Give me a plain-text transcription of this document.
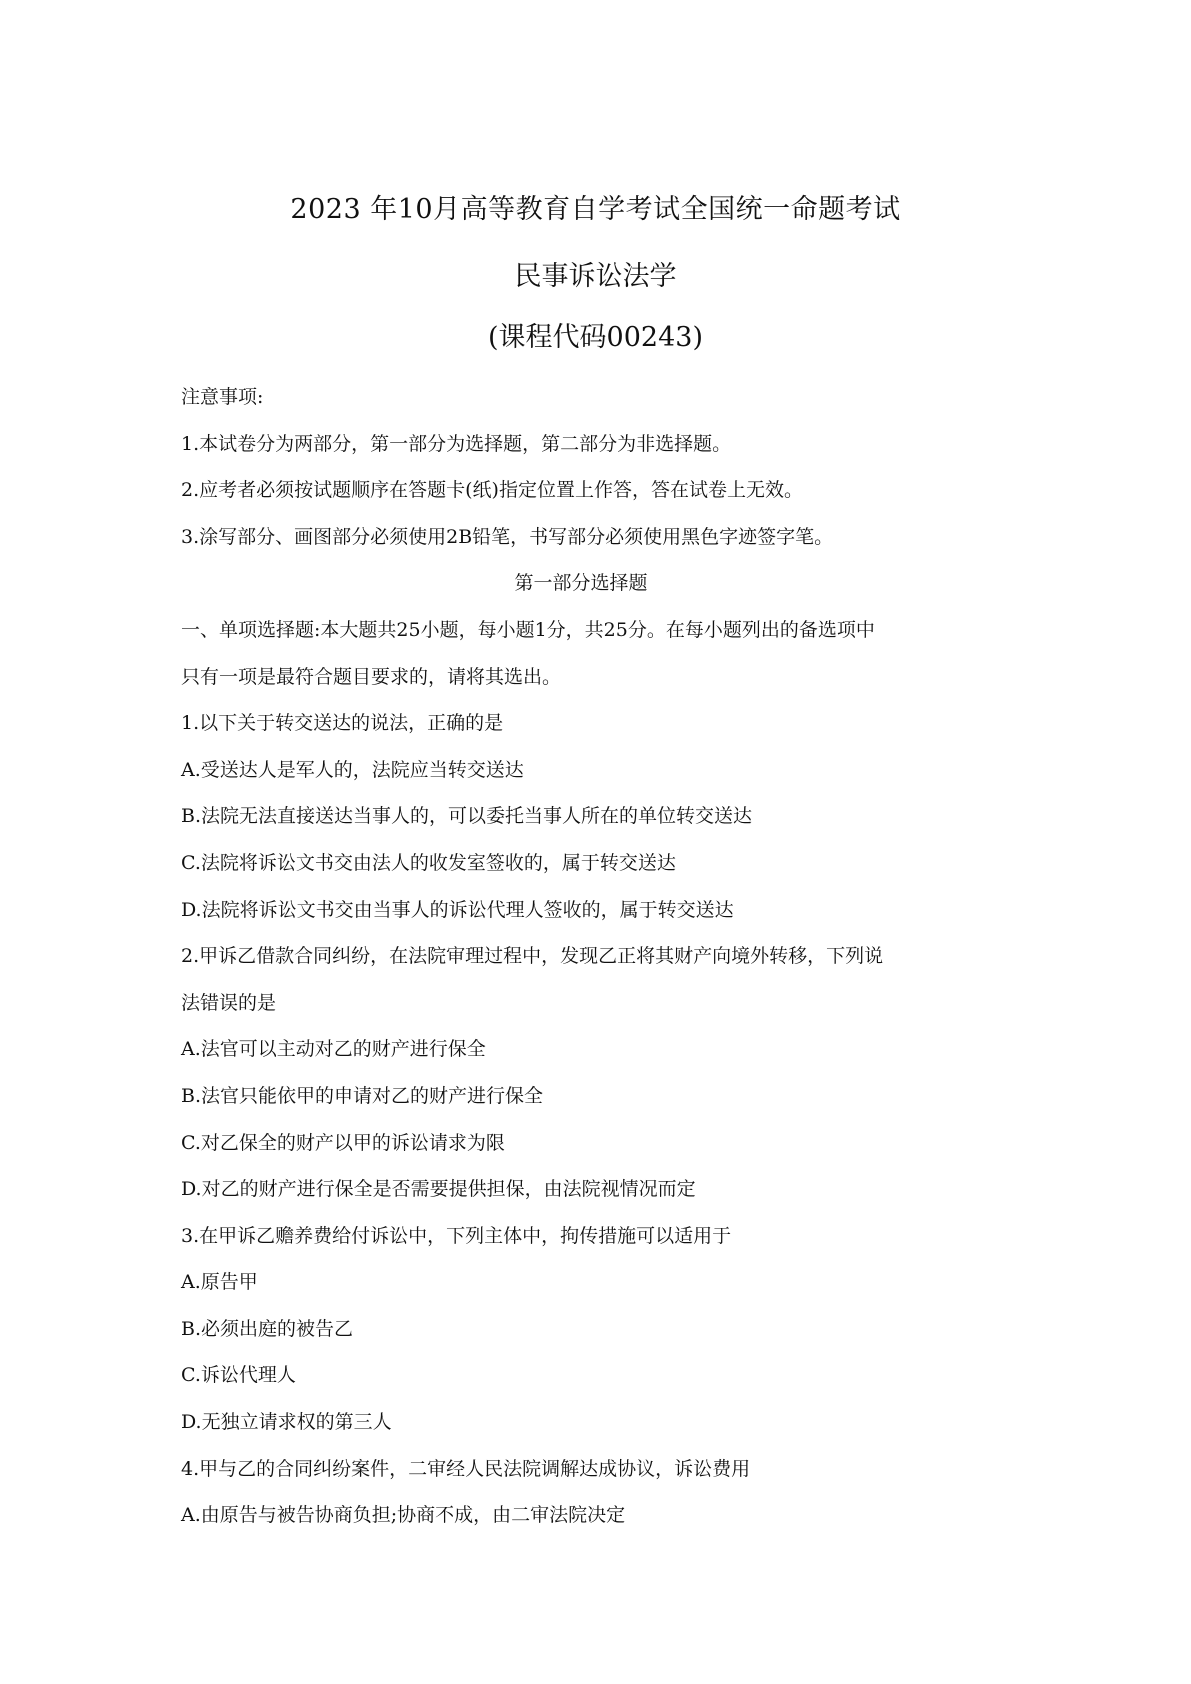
2023 年10月高等教育自学考试全国统一命题考试
民事诉讼法学
(课程代码00243)
注意事项:
1.本试卷分为两部分，第一部分为选择题，第二部分为非选择题。
2.应考者必须按试题顺序在答题卡(纸)指定位置上作答，答在试卷上无效。
3.涂写部分、画图部分必须使用2B铅笔，书写部分必须使用黑色字迹签字笔。
第一部分选择题
一、单项选择题:本大题共25小题，每小题1分，共25分。在每小题列出的备选项中
只有一项是最符合题目要求的，请将其选出。
1.以下关于转交送达的说法，正确的是
A.受送达人是军人的，法院应当转交送达
B.法院无法直接送达当事人的，可以委托当事人所在的单位转交送达
C.法院将诉讼文书交由法人的收发室签收的，属于转交送达
D.法院将诉讼文书交由当事人的诉讼代理人签收的，属于转交送达
2.甲诉乙借款合同纠纷，在法院审理过程中，发现乙正将其财产向境外转移，下列说
法错误的是
A.法官可以主动对乙的财产进行保全
B.法官只能依甲的申请对乙的财产进行保全
C.对乙保全的财产以甲的诉讼请求为限
D.对乙的财产进行保全是否需要提供担保，由法院视情况而定
3.在甲诉乙赡养费给付诉讼中，下列主体中，拘传措施可以适用于
A.原告甲
B.必须出庭的被告乙
C.诉讼代理人
D.无独立请求权的第三人
4.甲与乙的合同纠纷案件，二审经人民法院调解达成协议，诉讼费用
A.由原告与被告协商负担;协商不成，由二审法院决定
